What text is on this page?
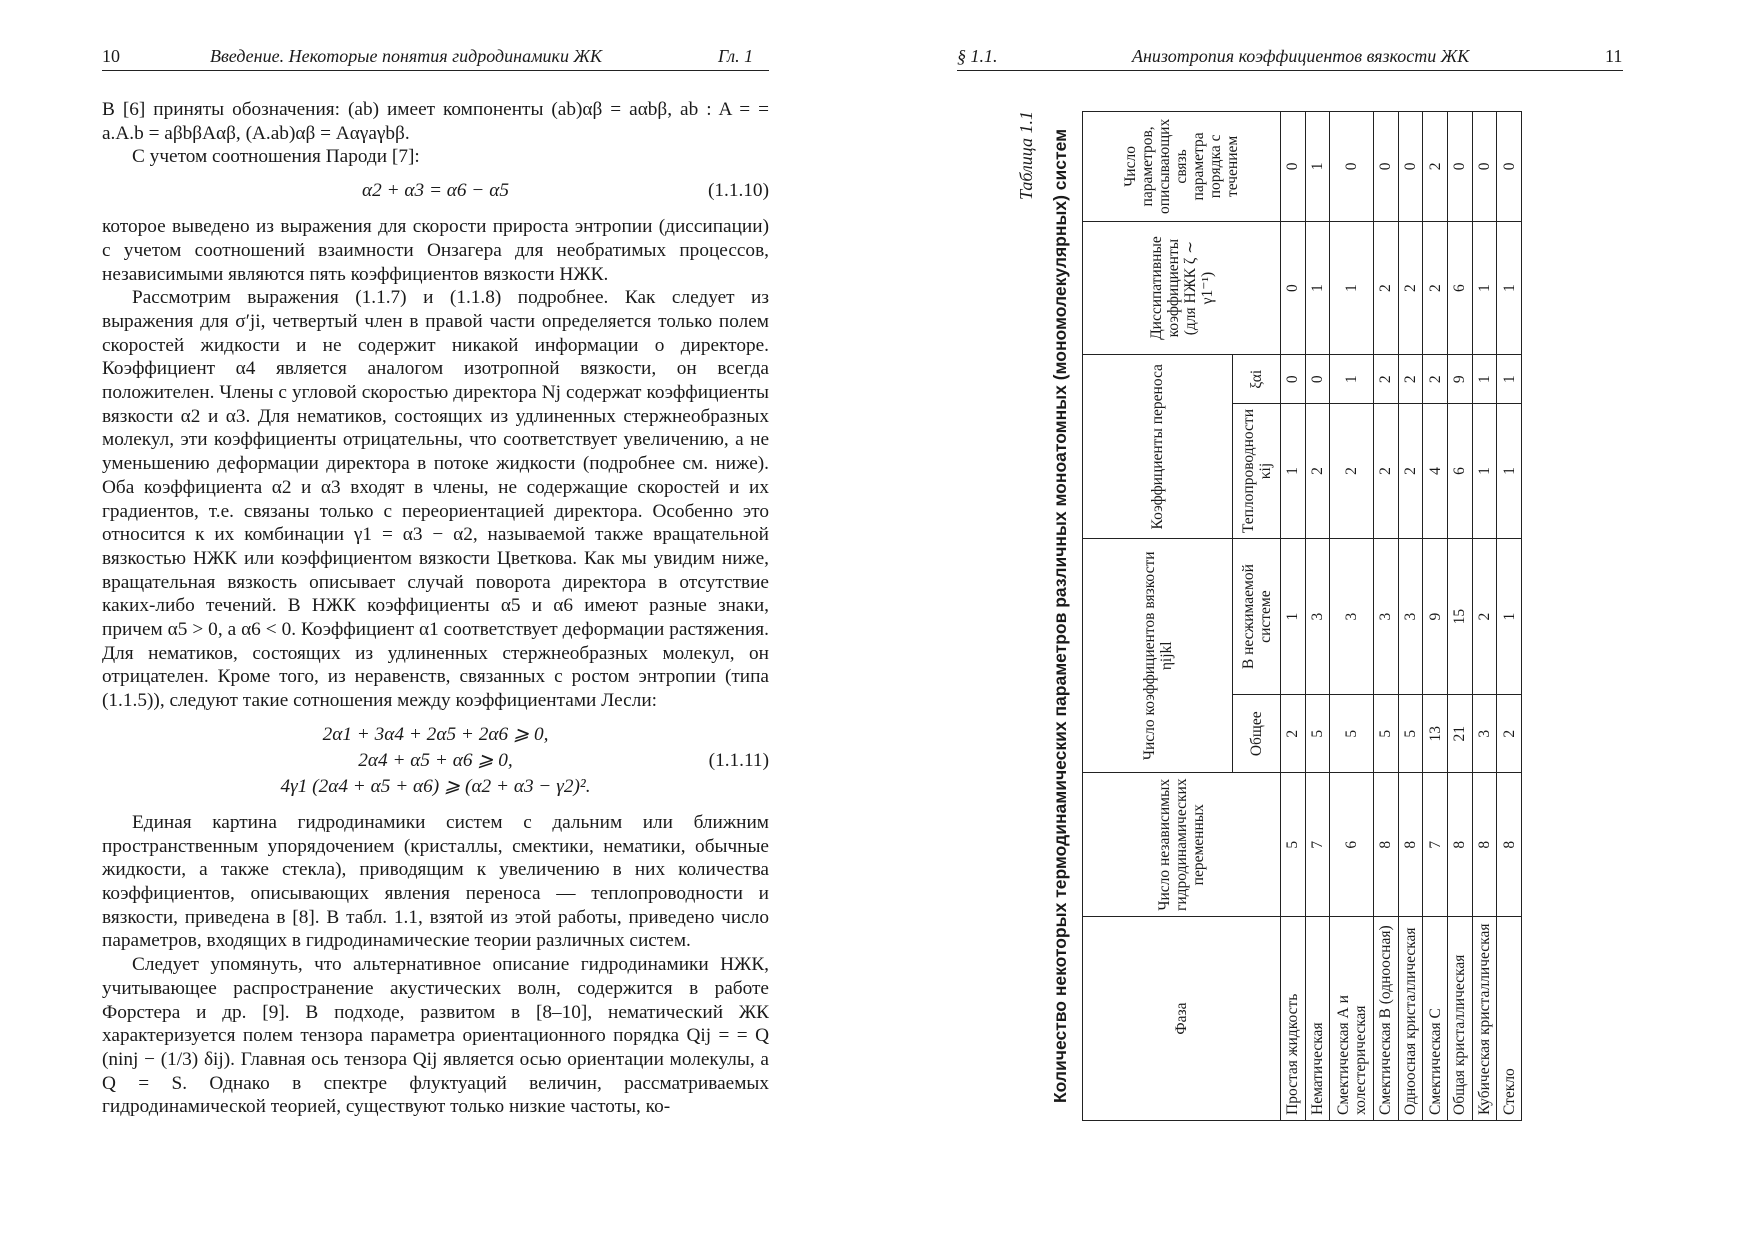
10	Введение. Некоторые понятия гидродинамики ЖК	Гл. 1

В [6] приняты обозначения: (ab) имеет компоненты (ab)αβ = aαbβ, ab : A = = a.A.b = aβbβAαβ, (A.ab)αβ = Aαγaγbβ.

С учетом соотношения Пароди [7]:

α2 + α3 = α6 − α5	(1.1.10)

которое выведено из выражения для скорости прироста энтропии (диссипации) с учетом соотношений взаимности Онзагера для необратимых процессов, независимыми являются пять коэффициентов вязкости НЖК.

Рассмотрим выражения (1.1.7) и (1.1.8) подробнее. Как следует из выражения для σ′ji, четвертый член в правой части определяется только полем скоростей жидкости и не содержит никакой информации о директоре. Коэффициент α4 является аналогом изотропной вязкости, он всегда положителен. Члены с угловой скоростью директора Nj содержат коэффициенты вязкости α2 и α3. Для нематиков, состоящих из удлиненных стержнеобразных молекул, эти коэффициенты отрицательны, что соответствует увеличению, а не уменьшению деформации директора в потоке жидкости (подробнее см. ниже). Оба коэффициента α2 и α3 входят в члены, не содержащие скоростей и их градиентов, т.е. связаны только с переориентацией директора. Особенно это относится к их комбинации γ1 = α3 − α2, называемой также вращательной вязкостью НЖК или коэффициентом вязкости Цветкова. Как мы увидим ниже, вращательная вязкость описывает случай поворота директора в отсутствие каких-либо течений. В НЖК коэффициенты α5 и α6 имеют разные знаки, причем α5 > 0, а α6 < 0. Коэффициент α1 соответствует деформации растяжения. Для нематиков, состоящих из удлиненных стержнеобразных молекул, он отрицателен. Кроме того, из неравенств, связанных с ростом энтропии (типа (1.1.5)), следуют такие сотношения между коэффициентами Лесли:

2α1 + 3α4 + 2α5 + 2α6 ⩾ 0,
2α4 + α5 + α6 ⩾ 0,
4γ1 (2α4 + α5 + α6) ⩾ (α2 + α3 − γ2)².
(1.1.11)

Единая картина гидродинамики систем с дальним или ближним пространственным упорядочением (кристаллы, смектики, нематики, обычные жидкости, а также стекла), приводящим к увеличению в них количества коэффициентов, описывающих явления переноса — теплопроводности и вязкости, приведена в [8]. В табл. 1.1, взятой из этой работы, приведено число параметров, входящих в гидродинамические теории различных систем.

Следует упомянуть, что альтернативное описание гидродинамики НЖК, учитывающее распространение акустических волн, содержится в работе Форстера и др. [9]. В подходе, развитом в [8–10], нематический ЖК характеризуется полем тензора параметра ориентационного порядка Qij = = Q (ninj − (1/3) δij). Главная ось тензора Qij является осью ориентации молекулы, а Q = S. Однако в спектре флуктуаций величин, рассматриваемых гидродинамической теорией, существуют только низкие частоты, ко-

§ 1.1.	Анизотропия коэффициентов вязкости ЖК	11
Таблица 1.1 Количество некоторых термодинамических параметров различных моноатомных (мономолекулярных) систем	Фаза	Число независимых гидродинамических переменных	Число коэффициентов вязкости ηijkl		Коэффициенты переноса		Диссипативные коэффициенты (для НЖК ζ ∼ γ1⁻¹)	Число параметров, описывающих связь параметра порядка с течением
		Общее	В несжимаемой системе	Теплопроводности κij	ξαi		
Простая жидкость	5	2	1	1	0	0	0
Нематическая	7	5	3	2	0	1	1
Смектическая А и холестерическая	6	5	3	2	1	1	0
Смектическая В (одноосная)	8	5	3	2	2	2	0
Одноосная кристаллическая	8	5	3	2	2	2	0
Смектическая С	7	13	9	4	2	2	2
Общая кристаллическая	8	21	15	6	9	6	0
Кубическая кристаллическая	8	3	2	1	1	1	0
Стекло	8	2	1	1	1	1	0
